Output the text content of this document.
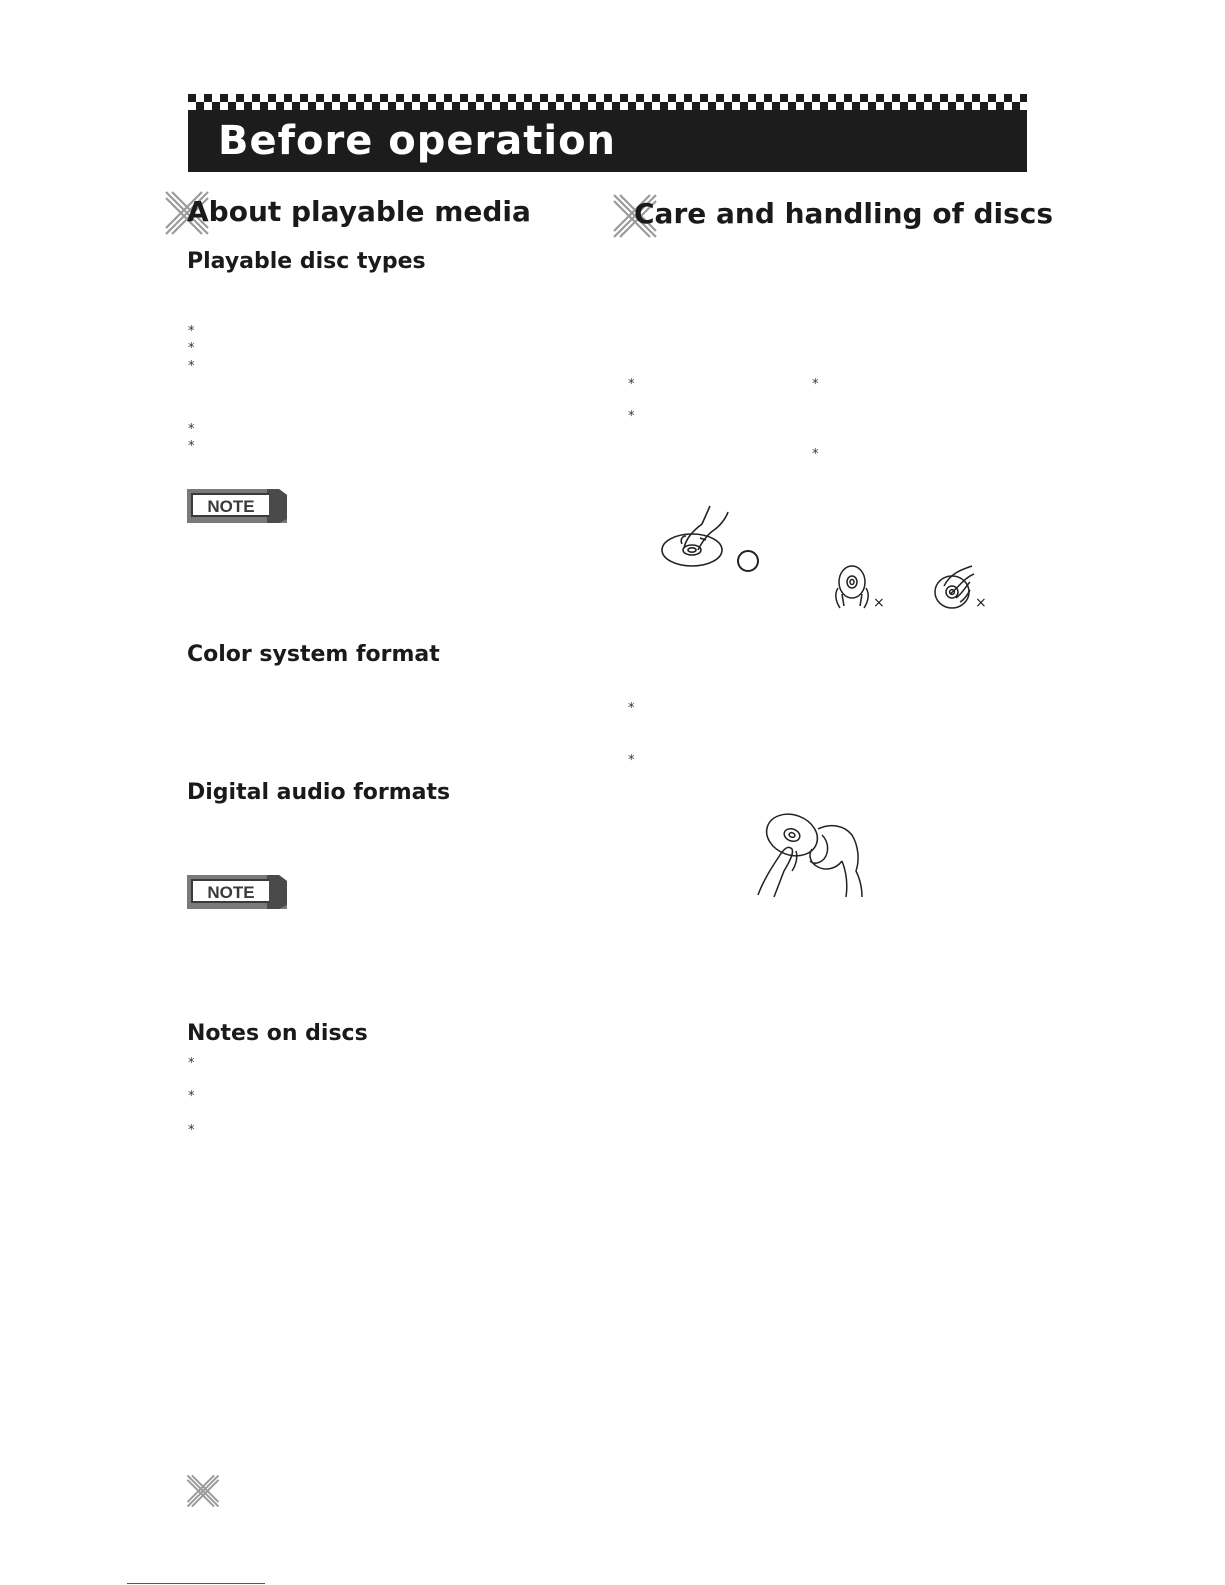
Before operation
About playable media	Care and handling of discs
Playable disc types
*
*
*
*
*
NOTE
Color system format
Digital audio formats
NOTE
Notes on discs
*
*
*
*	*
*
*
×	×
*
*
